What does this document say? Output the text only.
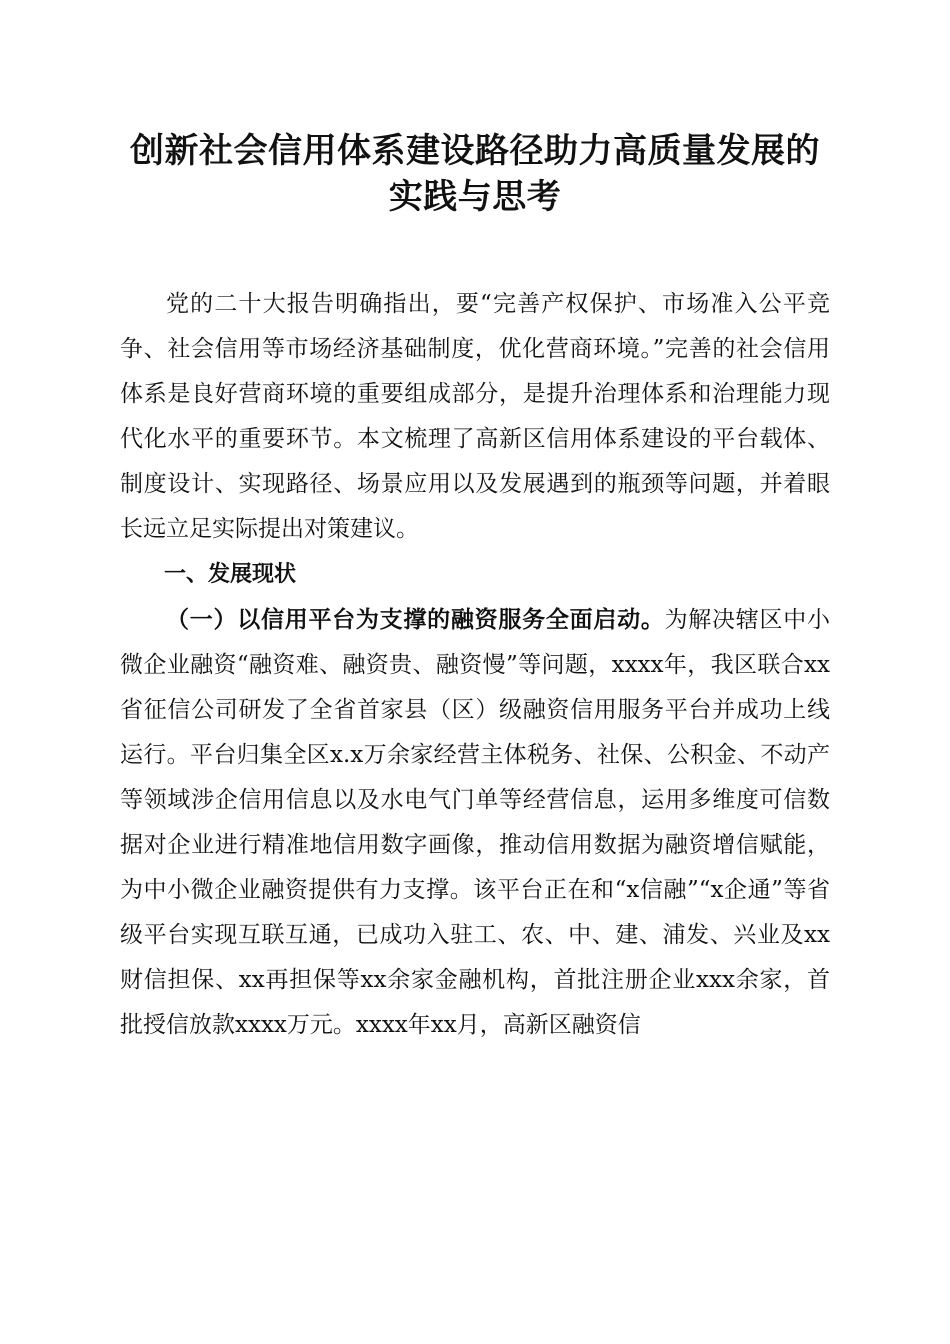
创新社会信用体系建设路径助力高质量发展的
实践与思考

党的二十大报告明确指出，要“完善产权保护、市场准入公平竞争、社会信用等市场经济基础制度，优化营商环境。”完善的社会信用体系是良好营商环境的重要组成部分，是提升治理体系和治理能力现代化水平的重要环节。本文梳理了高新区信用体系建设的平台载体、制度设计、实现路径、场景应用以及发展遇到的瓶颈等问题，并着眼长远立足实际提出对策建议。

一、发展现状

（一）以信用平台为支撑的融资服务全面启动。为解决辖区中小微企业融资“融资难、融资贵、融资慢”等问题，xxxx年，我区联合xx省征信公司研发了全省首家县（区）级融资信用服务平台并成功上线运行。平台归集全区x.x万余家经营主体税务、社保、公积金、不动产等领域涉企信用信息以及水电气门单等经营信息，运用多维度可信数据对企业进行精准地信用数字画像，推动信用数据为融资增信赋能，为中小微企业融资提供有力支撑。该平台正在和“x信融”“x企通”等省级平台实现互联互通，已成功入驻工、农、中、建、浦发、兴业及xx财信担保、xx再担保等xx余家金融机构，首批注册企业xxx余家，首批授信放款xxxx万元。xxxx年xx月，高新区融资信
